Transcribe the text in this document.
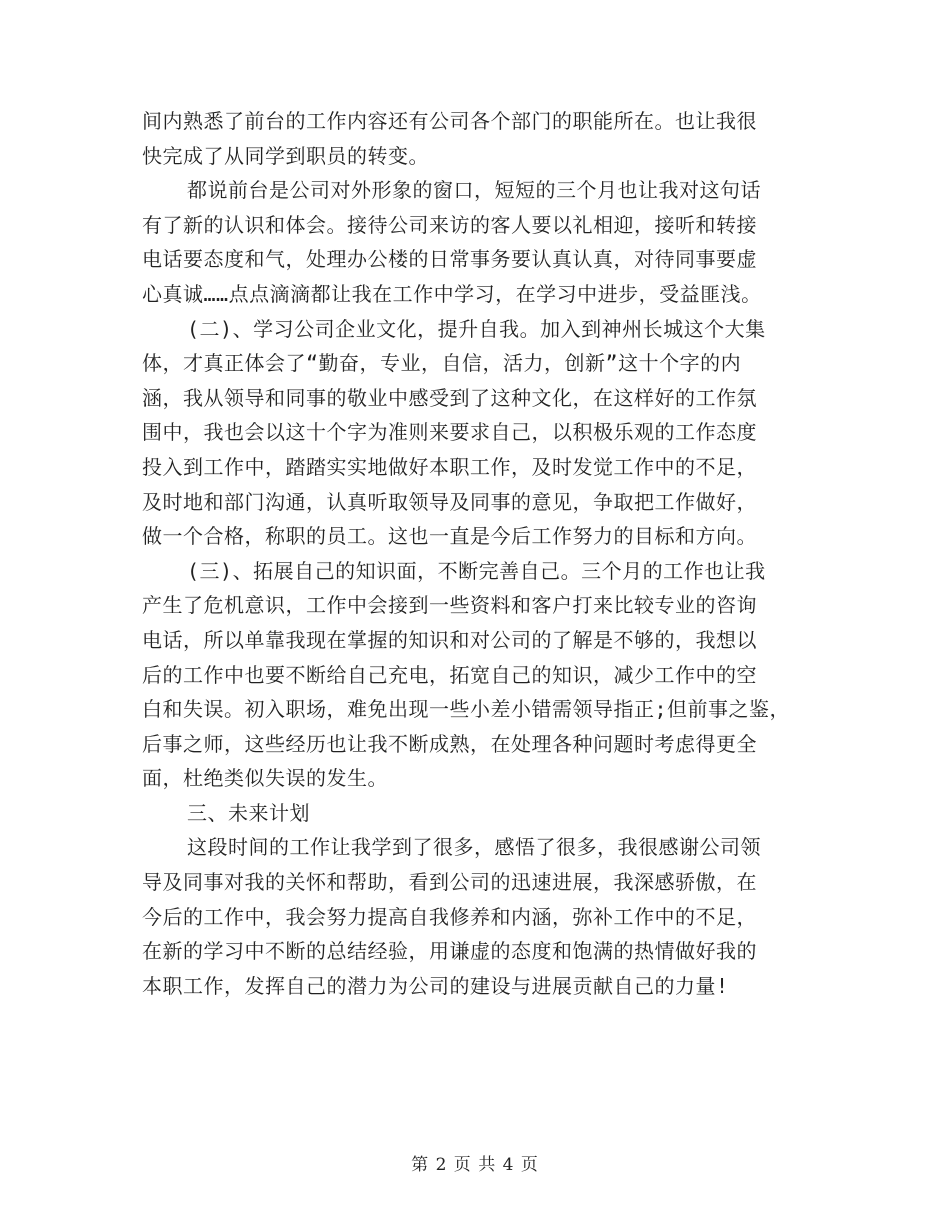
间内熟悉了前台的工作内容还有公司各个部门的职能所在。也让我很
快完成了从同学到职员的转变。
都说前台是公司对外形象的窗口，短短的三个月也让我对这句话
有了新的认识和体会。接待公司来访的客人要以礼相迎，接听和转接
电话要态度和气，处理办公楼的日常事务要认真认真，对待同事要虚
心真诚……点点滴滴都让我在工作中学习，在学习中进步，受益匪浅。
(二)、学习公司企业文化，提升自我。加入到神州长城这个大集
体，才真正体会了“勤奋，专业，自信，活力，创新”这十个字的内
涵，我从领导和同事的敬业中感受到了这种文化，在这样好的工作氛
围中，我也会以这十个字为准则来要求自己，以积极乐观的工作态度
投入到工作中，踏踏实实地做好本职工作，及时发觉工作中的不足，
及时地和部门沟通，认真听取领导及同事的意见，争取把工作做好，
做一个合格，称职的员工。这也一直是今后工作努力的目标和方向。
(三)、拓展自己的知识面，不断完善自己。三个月的工作也让我
产生了危机意识，工作中会接到一些资料和客户打来比较专业的咨询
电话，所以单靠我现在掌握的知识和对公司的了解是不够的，我想以
后的工作中也要不断给自己充电，拓宽自己的知识，减少工作中的空
白和失误。初入职场，难免出现一些小差小错需领导指正;但前事之鉴，
后事之师，这些经历也让我不断成熟，在处理各种问题时考虑得更全
面，杜绝类似失误的发生。
三、未来计划
这段时间的工作让我学到了很多，感悟了很多，我很感谢公司领
导及同事对我的关怀和帮助，看到公司的迅速进展，我深感骄傲，在
今后的工作中，我会努力提高自我修养和内涵，弥补工作中的不足，
在新的学习中不断的总结经验，用谦虚的态度和饱满的热情做好我的
本职工作，发挥自己的潜力为公司的建设与进展贡献自己的力量!
第 2 页 共 4 页
